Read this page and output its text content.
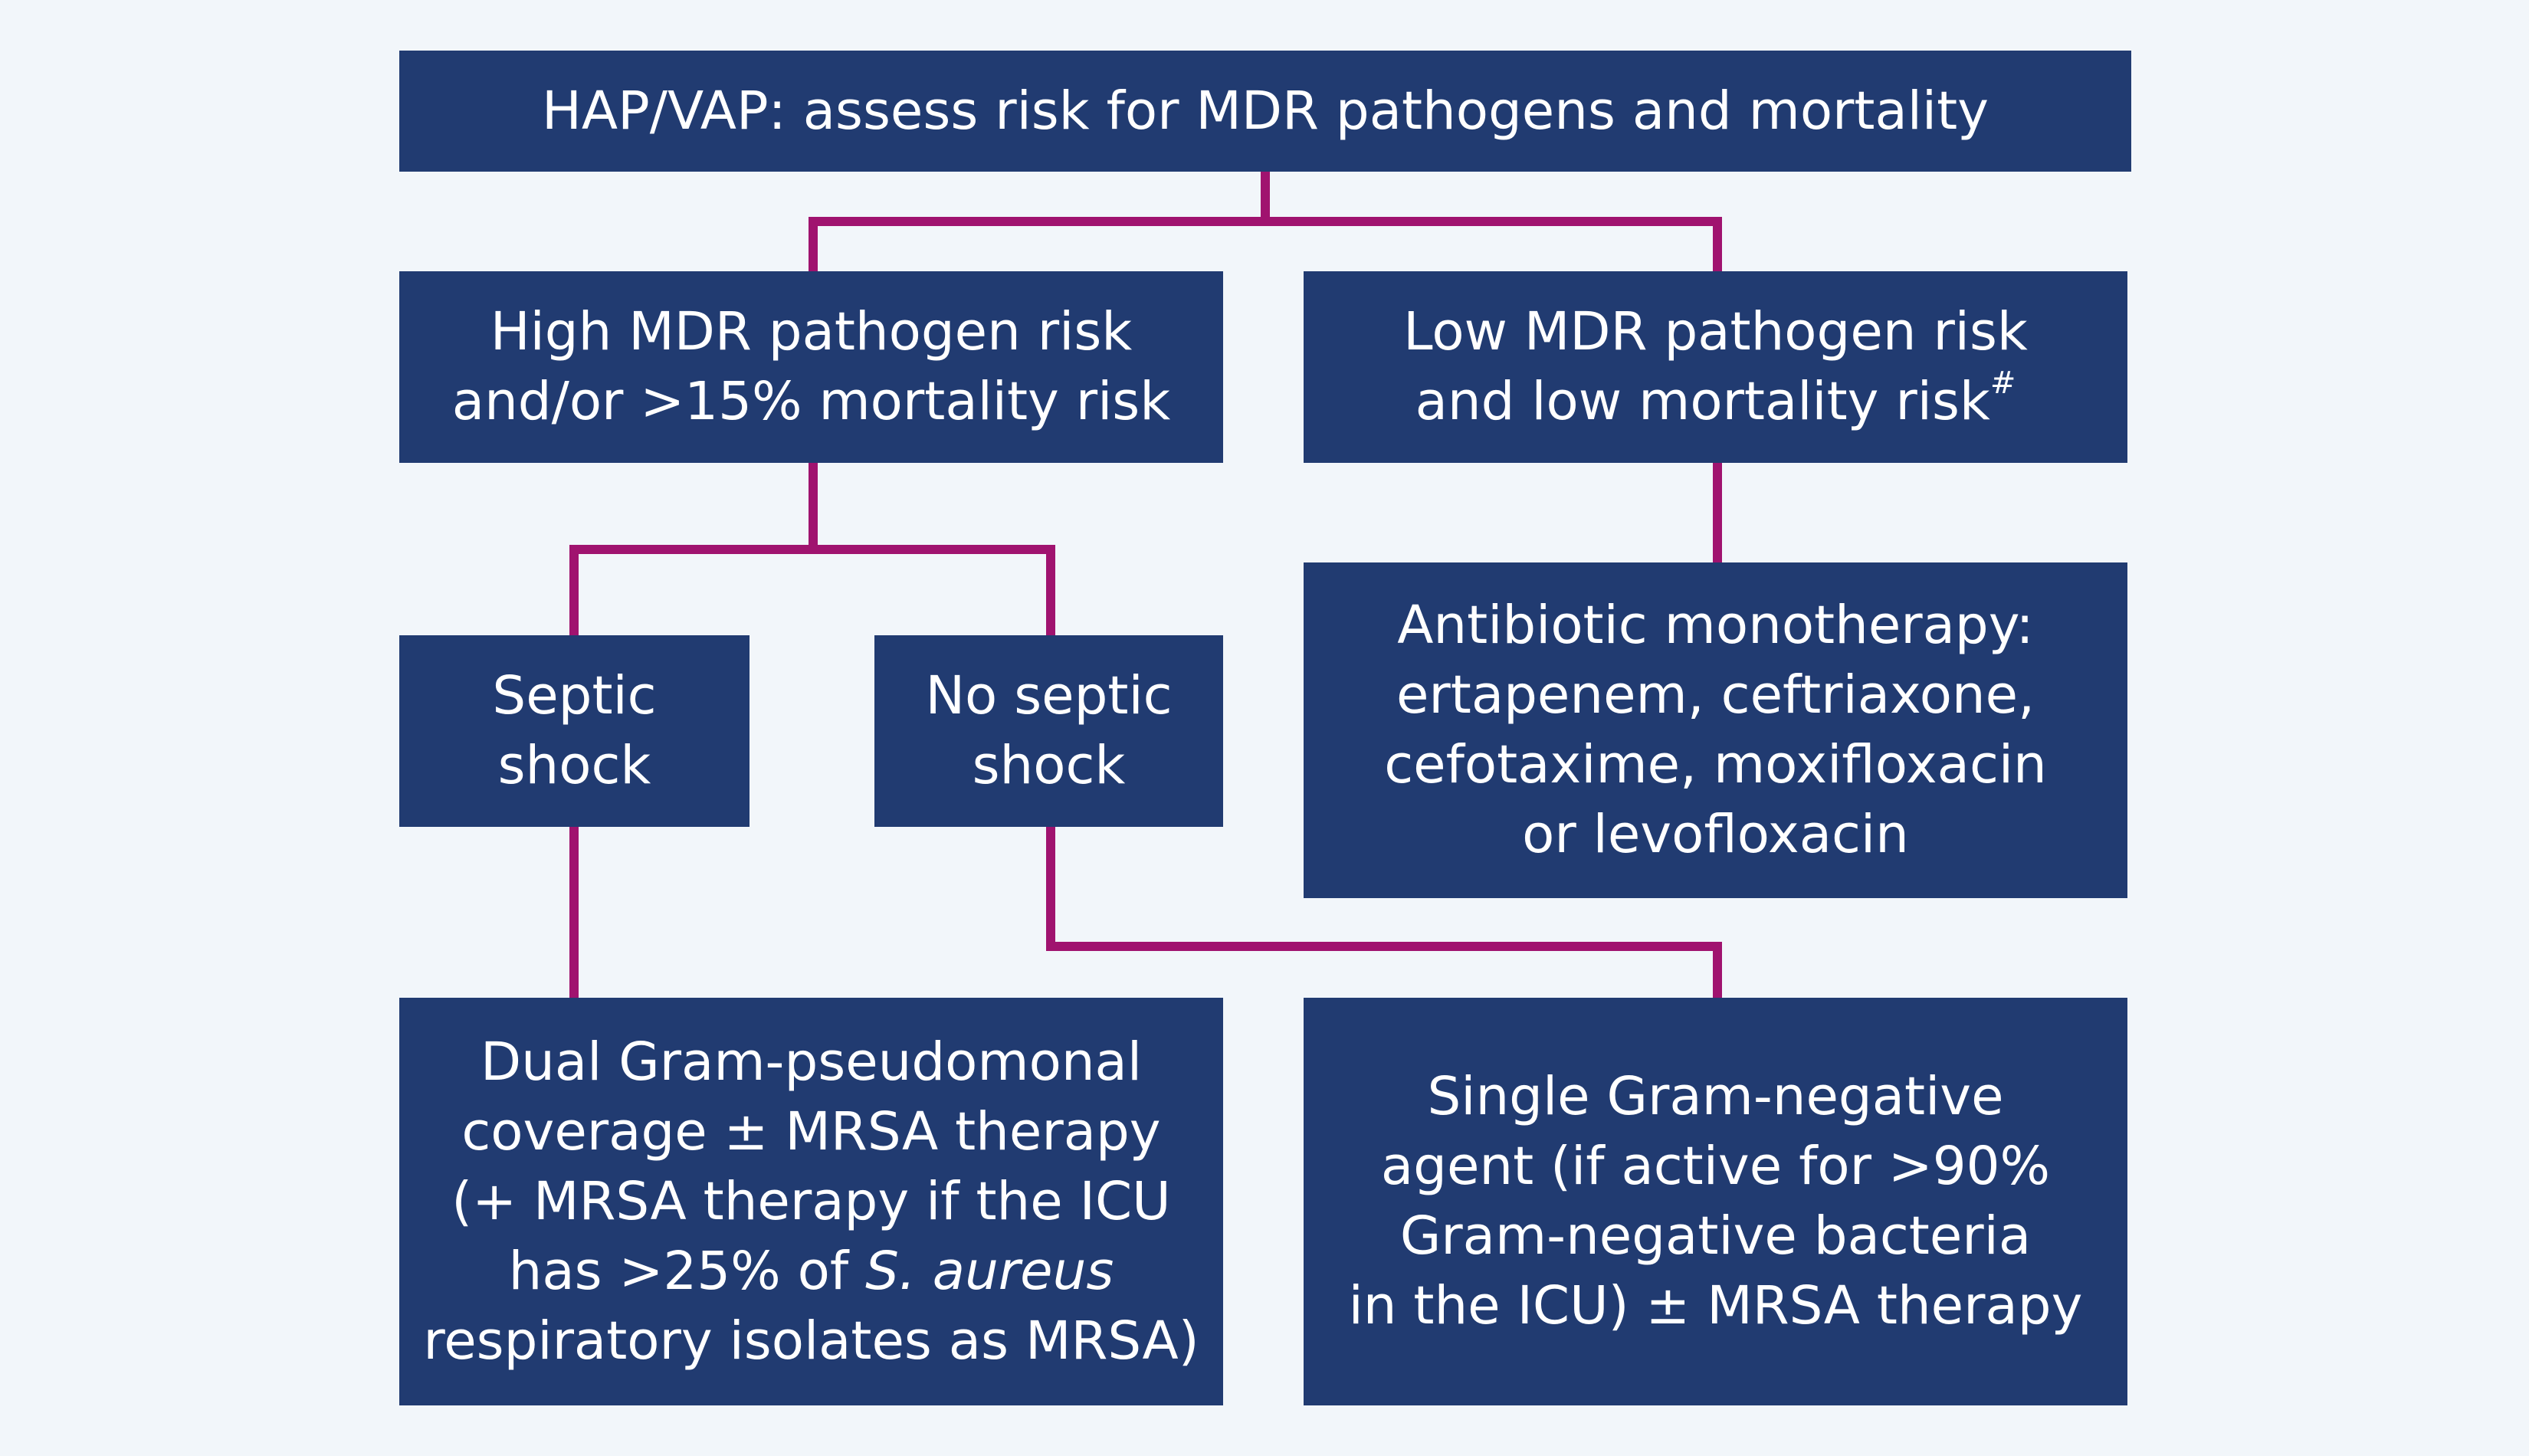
HAP/VAP: assess risk for MDR pathogens and mortality
High MDR pathogen risk
and/or >15% mortality risk
Low MDR pathogen risk
and low mortality risk#
Septic
shock
No septic
shock
Antibiotic monotherapy:
ertapenem, ceftriaxone,
cefotaxime, moxifloxacin
or levofloxacin
Dual Gram-pseudomonal
coverage ± MRSA therapy
(+ MRSA therapy if the ICU
has >25% of S. aureus
respiratory isolates as MRSA)
Single Gram-negative
agent (if active for >90%
Gram-negative bacteria
in the ICU) ± MRSA therapy
